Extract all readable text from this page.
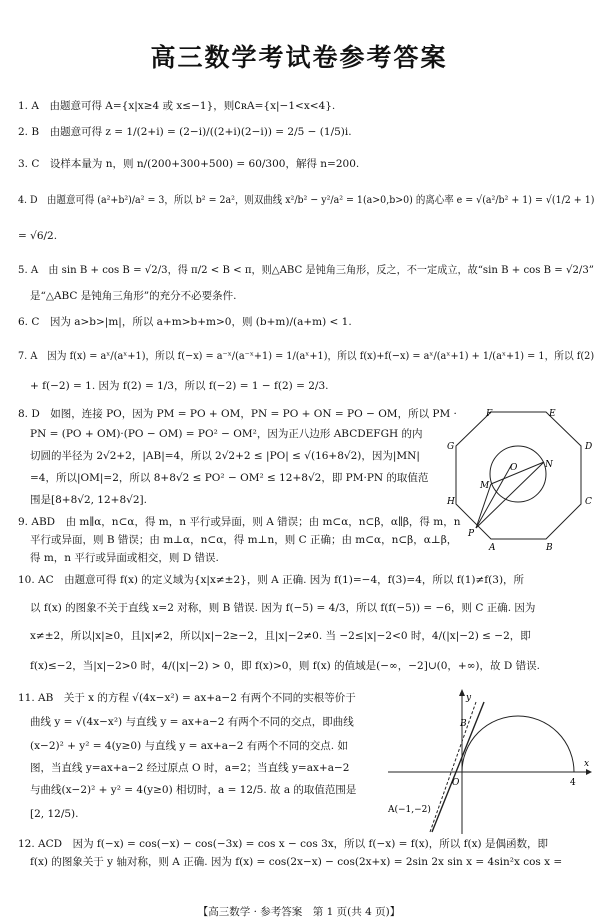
高三数学考试卷参考答案
1. A　由题意可得 A={x|x≥4 或 x≤−1}，则∁ʀA={x|−1<x<4}.
2. B　由题意可得 z = 1/(2+i) = (2−i)/((2+i)(2−i)) = 2/5 − (1/5)i.
3. C　设样本量为 n，则 n/(200+300+500) = 60/300，解得 n=200.
4. D　由题意可得 (a²+b²)/a² = 3，所以 b² = 2a²，则双曲线 x²/b² − y²/a² = 1(a>0,b>0) 的离心率 e = √(a²/b² + 1) = √(1/2 + 1)
= √6/2.
5. A　由 sin B + cos B = √2/3，得 π/2 < B < π，则△ABC 是钝角三角形，反之，不一定成立，故“sin B + cos B = √2/3”
是“△ABC 是钝角三角形”的充分不必要条件.
6. C　因为 a>b>|m|，所以 a+m>b+m>0，则 (b+m)/(a+m) < 1.
7. A　因为 f(x) = aˣ/(aˣ+1)，所以 f(−x) = a⁻ˣ/(a⁻ˣ+1) = 1/(aˣ+1)，所以 f(x)+f(−x) = aˣ/(aˣ+1) + 1/(aˣ+1) = 1，所以 f(2)
+ f(−2) = 1. 因为 f(2) = 1/3，所以 f(−2) = 1 − f(2) = 2/3.
8. D　如图，连接 PO，因为 PM = PO + OM，PN = PO + ON = PO − OM，所以 PM ·
PN = (PO + OM)·(PO − OM) = PO² − OM²，因为正八边形 ABCDEFGH 的内
切圆的半径为 2√2+2，|AB|=4，所以 2√2+2 ≤ |PO| ≤ √(16+8√2)，因为|MN|
=4，所以|OM|=2，所以 8+8√2 ≤ PO² − OM² ≤ 12+8√2，即 PM·PN 的取值范
围是[8+8√2, 12+8√2].
9. ABD　由 m∥α，n⊂α，得 m，n 平行或异面，则 A 错误；由 m⊂α，n⊂β，α∥β，得 m，n
平行或异面，则 B 错误；由 m⊥α，n⊂α，得 m⊥n，则 C 正确；由 m⊂α，n⊂β，α⊥β，
得 m，n 平行或异面或相交，则 D 错误.
10. AC　由题意可得 f(x) 的定义域为{x|x≠±2}，则 A 正确. 因为 f(1)=−4，f(3)=4，所以 f(1)≠f(3)，所
以 f(x) 的图象不关于直线 x=2 对称，则 B 错误. 因为 f(−5) = 4/3，所以 f(f(−5)) = −6，则 C 正确. 因为
x≠±2，所以|x|≥0，且|x|≠2，所以|x|−2≥−2，且|x|−2≠0. 当 −2≤|x|−2<0 时，4/(|x|−2) ≤ −2，即
f(x)≤−2，当|x|−2>0 时，4/(|x|−2) > 0，即 f(x)>0，则 f(x) 的值域是(−∞，−2]∪(0，+∞)，故 D 错误.
11. AB　关于 x 的方程 √(4x−x²) = ax+a−2 有两个不同的实根等价于
曲线 y = √(4x−x²) 与直线 y = ax+a−2 有两个不同的交点，即曲线
(x−2)² + y² = 4(y≥0) 与直线 y = ax+a−2 有两个不同的交点. 如
图，当直线 y=ax+a−2 经过原点 O 时，a=2；当直线 y=ax+a−2
与曲线(x−2)² + y² = 4(y≥0) 相切时，a = 12/5. 故 a 的取值范围是
[2, 12/5).
12. ACD　因为 f(−x) = cos(−x) − cos(−3x) = cos x − cos 3x，所以 f(−x) = f(x)，所以 f(x) 是偶函数，即
f(x) 的图象关于 y 轴对称，则 A 正确. 因为 f(x) = cos(2x−x) − cos(2x+x) = 2sin 2x sin x = 4sin²x cos x =
F	E
G	D
H	C
P
A	B
O
M
N
y
x
O	4
B
A(−1,−2)
【高三数学 · 参考答案　第 1 页(共 4 页)】
